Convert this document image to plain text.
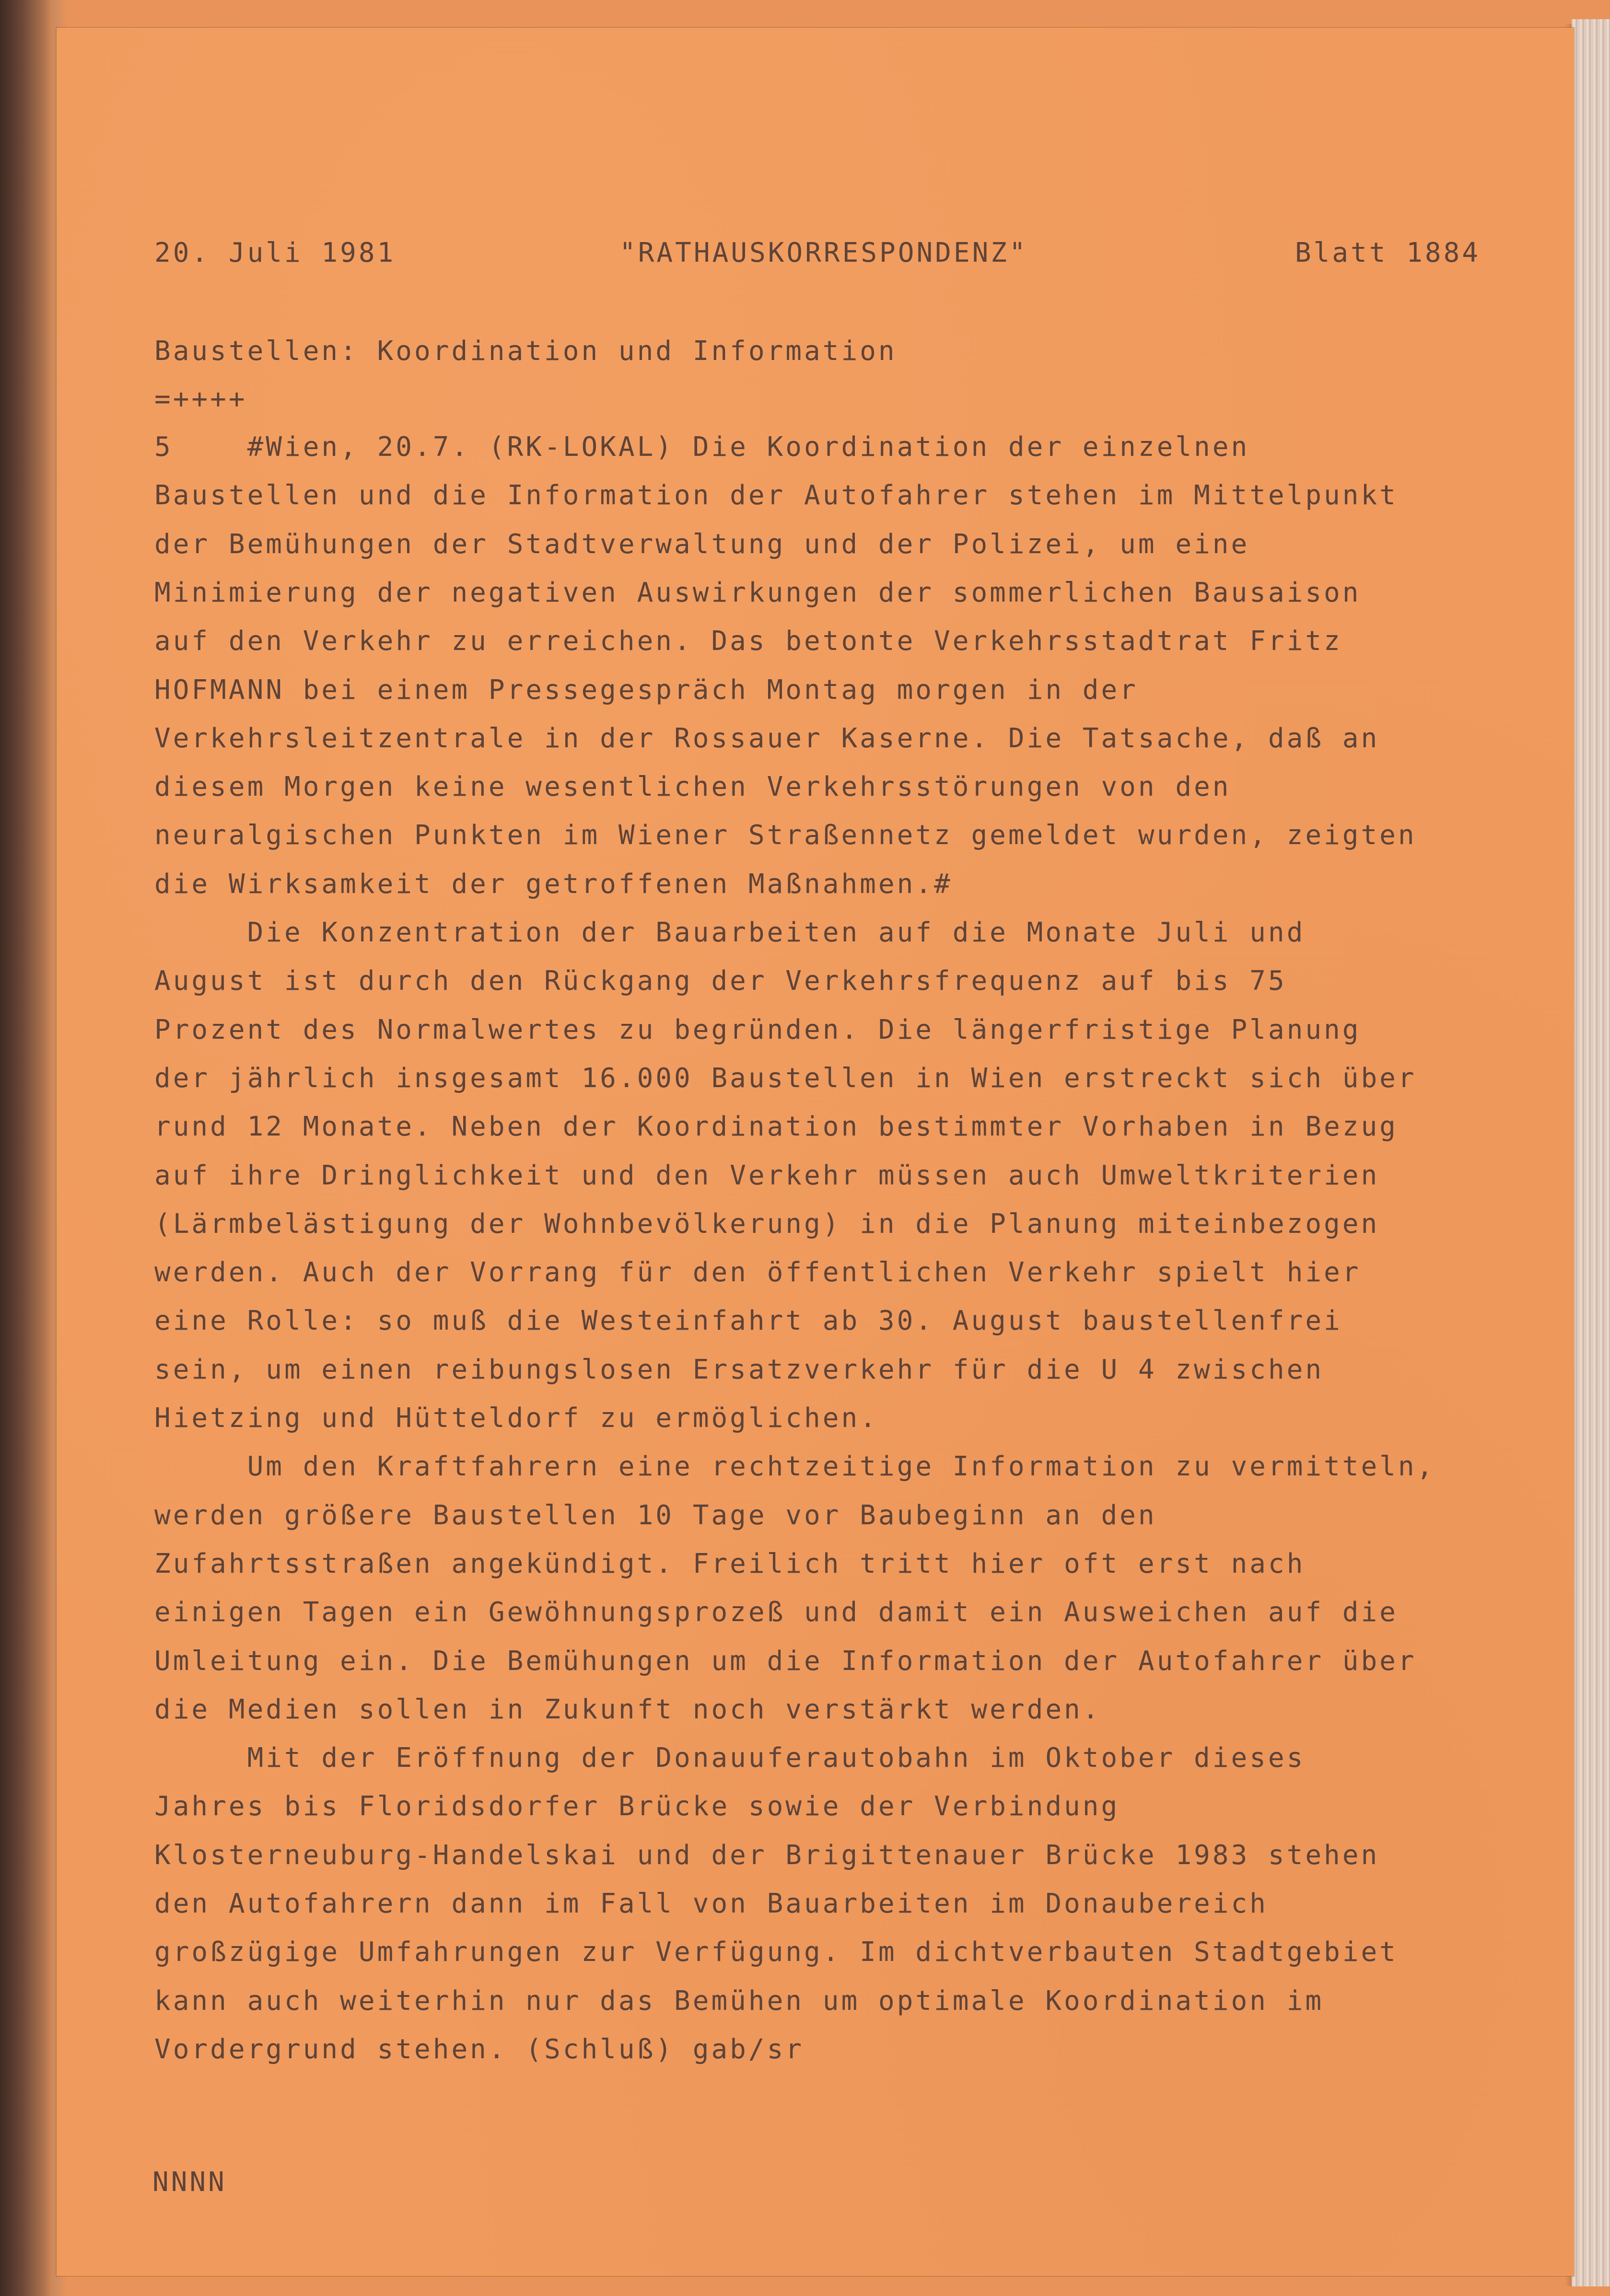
20. Juli 1981	"RATHAUSKORRESPONDENZ"	Blatt 1884
Baustellen: Koordination und Information
=++++
5    #Wien, 20.7. (RK-LOKAL) Die Koordination der einzelnen
Baustellen und die Information der Autofahrer stehen im Mittelpunkt
der Bemühungen der Stadtverwaltung und der Polizei, um eine
Minimierung der negativen Auswirkungen der sommerlichen Bausaison
auf den Verkehr zu erreichen. Das betonte Verkehrsstadtrat Fritz
HOFMANN bei einem Pressegespräch Montag morgen in der
Verkehrsleitzentrale in der Rossauer Kaserne. Die Tatsache, daß an
diesem Morgen keine wesentlichen Verkehrsstörungen von den
neuralgischen Punkten im Wiener Straßennetz gemeldet wurden, zeigten
die Wirksamkeit der getroffenen Maßnahmen.#
Die Konzentration der Bauarbeiten auf die Monate Juli und
August ist durch den Rückgang der Verkehrsfrequenz auf bis 75
Prozent des Normalwertes zu begründen. Die längerfristige Planung
der jährlich insgesamt 16.000 Baustellen in Wien erstreckt sich über
rund 12 Monate. Neben der Koordination bestimmter Vorhaben in Bezug
auf ihre Dringlichkeit und den Verkehr müssen auch Umweltkriterien
(Lärmbelästigung der Wohnbevölkerung) in die Planung miteinbezogen
werden. Auch der Vorrang für den öffentlichen Verkehr spielt hier
eine Rolle: so muß die Westeinfahrt ab 30. August baustellenfrei
sein, um einen reibungslosen Ersatzverkehr für die U 4 zwischen
Hietzing und Hütteldorf zu ermöglichen.
Um den Kraftfahrern eine rechtzeitige Information zu vermitteln,
werden größere Baustellen 10 Tage vor Baubeginn an den
Zufahrtsstraßen angekündigt. Freilich tritt hier oft erst nach
einigen Tagen ein Gewöhnungsprozeß und damit ein Ausweichen auf die
Umleitung ein. Die Bemühungen um die Information der Autofahrer über
die Medien sollen in Zukunft noch verstärkt werden.
Mit der Eröffnung der Donauuferautobahn im Oktober dieses
Jahres bis Floridsdorfer Brücke sowie der Verbindung
Klosterneuburg-Handelskai und der Brigittenauer Brücke 1983 stehen
den Autofahrern dann im Fall von Bauarbeiten im Donaubereich
großzügige Umfahrungen zur Verfügung. Im dichtverbauten Stadtgebiet
kann auch weiterhin nur das Bemühen um optimale Koordination im
Vordergrund stehen. (Schluß) gab/sr
NNNN
